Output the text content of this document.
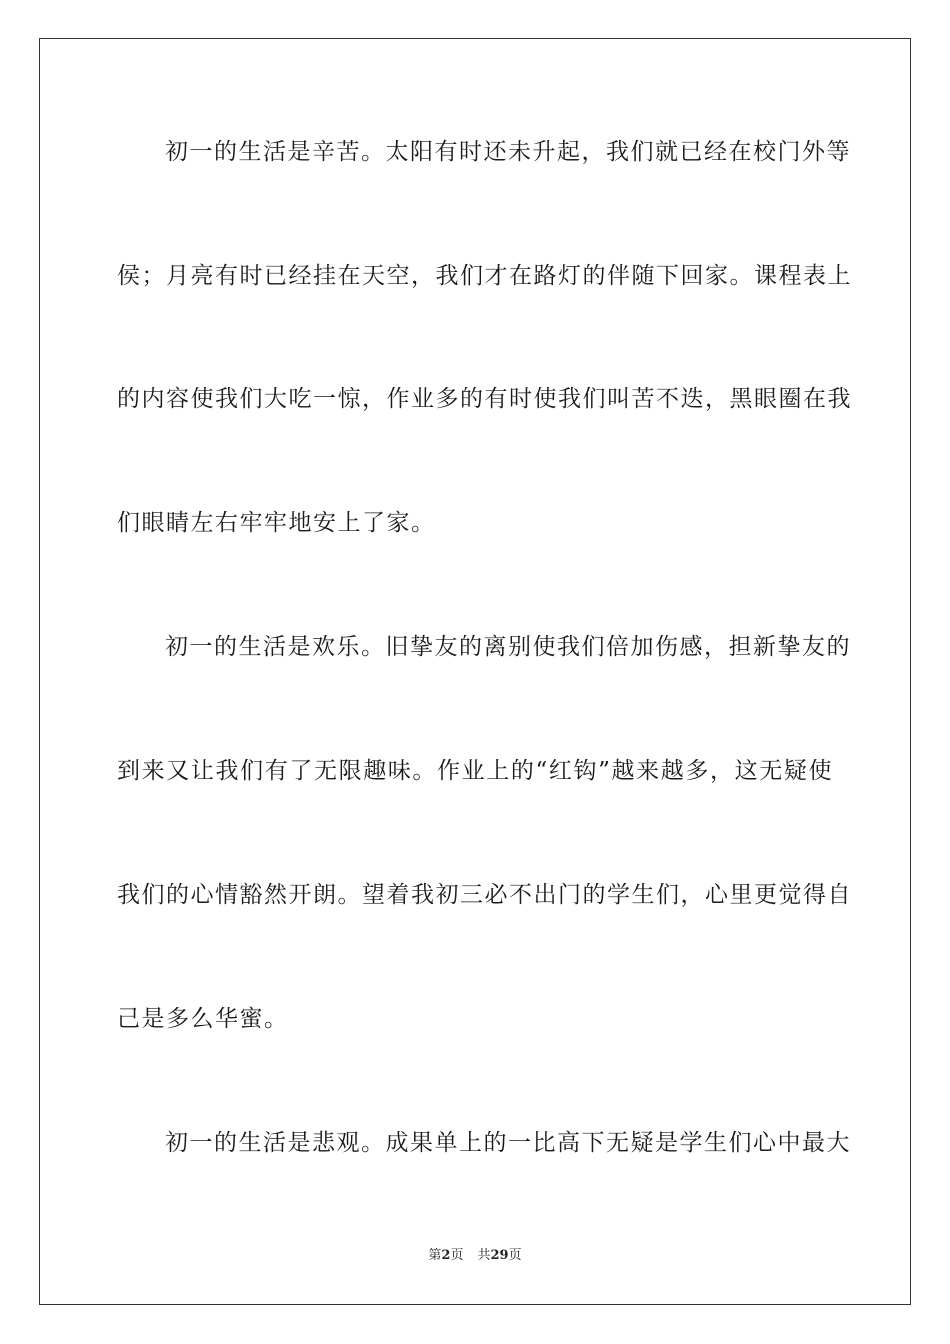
初一的生活是辛苦。太阳有时还未升起，我们就已经在校门外等
侯；月亮有时已经挂在天空，我们才在路灯的伴随下回家。课程表上
的内容使我们大吃一惊，作业多的有时使我们叫苦不迭，黑眼圈在我
们眼睛左右牢牢地安上了家。
初一的生活是欢乐。旧挚友的离别使我们倍加伤感，担新挚友的
到来又让我们有了无限趣味。作业上的“红钩”越来越多，这无疑使
我们的心情豁然开朗。望着我初三必不出门的学生们，心里更觉得自
己是多么华蜜。
初一的生活是悲观。成果单上的一比高下无疑是学生们心中最大
第2页 共29页
